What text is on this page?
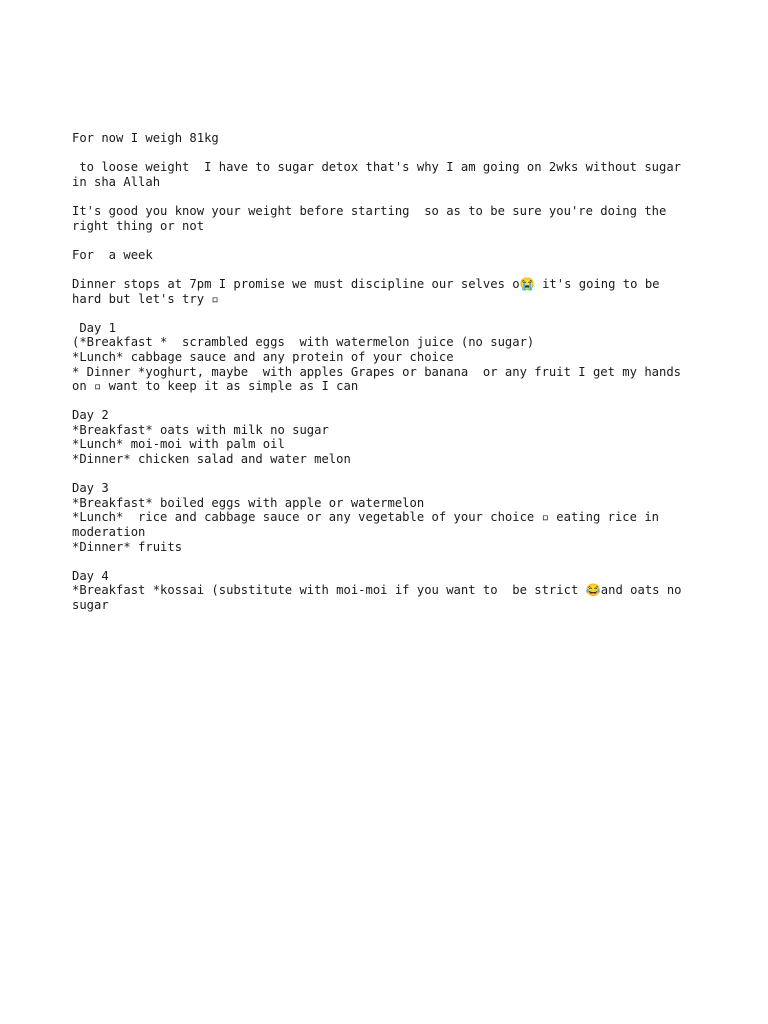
For now I weigh 81kg
to loose weight  I have to sugar detox that's why I am going on 2wks without sugar
in sha Allah
It's good you know your weight before starting  so as to be sure you're doing the
right thing or not
For  a week
Dinner stops at 7pm I promise we must discipline our selves o😭 it's going to be
hard but let's try ▫
Day 1
(*Breakfast *  scrambled eggs  with watermelon juice (no sugar)
*Lunch* cabbage sauce and any protein of your choice
* Dinner *yoghurt, maybe  with apples Grapes or banana  or any fruit I get my hands
on ▫ want to keep it as simple as I can
Day 2
*Breakfast* oats with milk no sugar
*Lunch* moi-moi with palm oil
*Dinner* chicken salad and water melon
Day 3
*Breakfast* boiled eggs with apple or watermelon
*Lunch*  rice and cabbage sauce or any vegetable of your choice ▫ eating rice in
moderation
*Dinner* fruits
Day 4
*Breakfast *kossai (substitute with moi-moi if you want to  be strict 😂and oats no
sugar
